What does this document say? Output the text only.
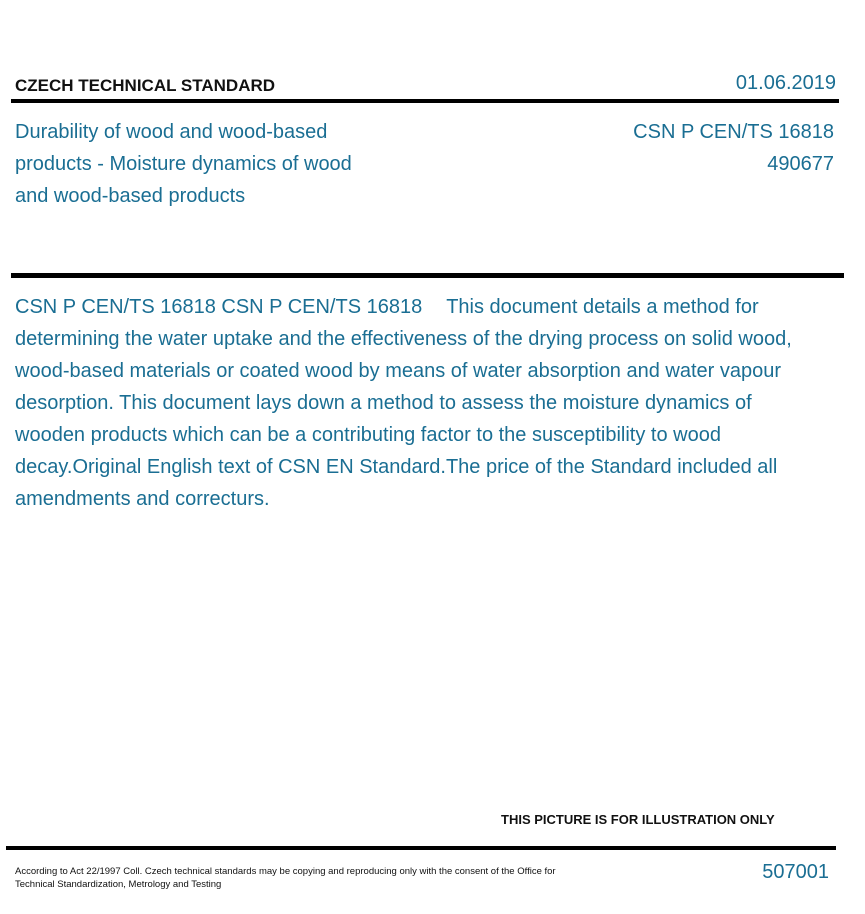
CZECH TECHNICAL STANDARD	01.06.2019
Durability of wood and wood-based products - Moisture dynamics of wood and wood-based products
CSN P CEN/TS 16818
490677
CSN P CEN/TS 16818 CSN P CEN/TS 16818 This document details a method for determining the water uptake and the effectiveness of the drying process on solid wood, wood-based materials or coated wood by means of water absorption and water vapour desorption. This document lays down a method to assess the moisture dynamics of wooden products which can be a contributing factor to the susceptibility to wood decay.Original English text of CSN EN Standard.The price of the Standard included all amendments and correcturs.
THIS PICTURE IS FOR ILLUSTRATION ONLY
According to Act 22/1997 Coll. Czech technical standards may be copying and reproducing only with the consent of the Office for Technical Standardization, Metrology and Testing
507001
